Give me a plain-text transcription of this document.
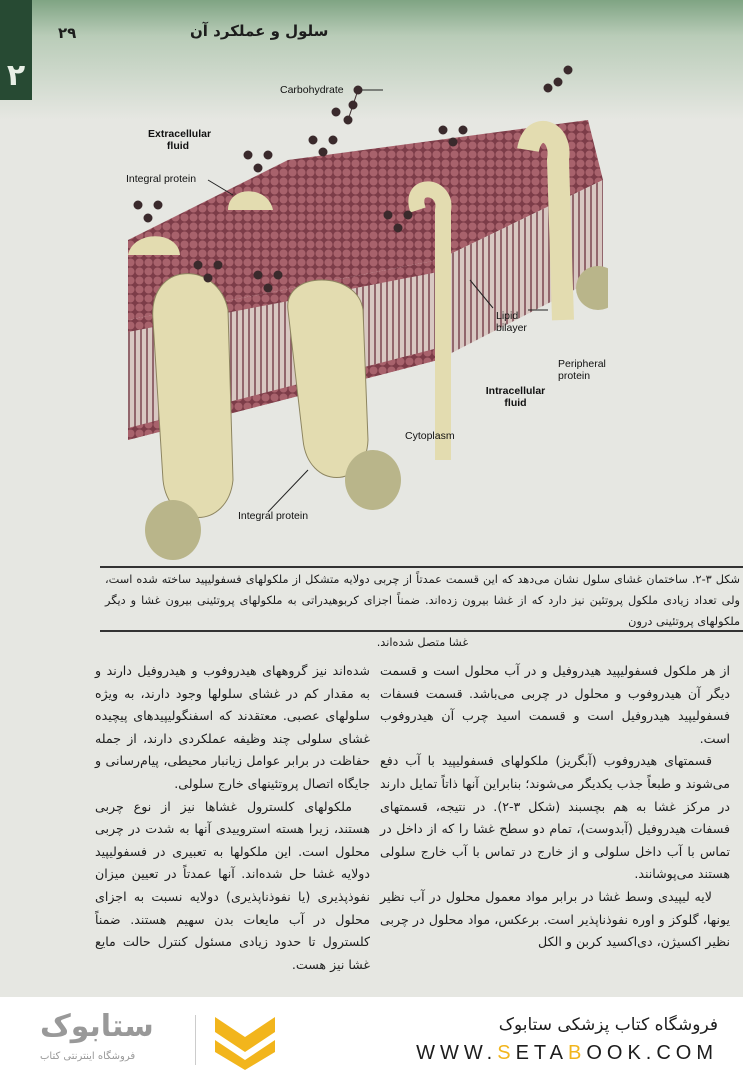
۲
۲۹	سلول و عملکرد آن
Carbohydrate
Extracellular fluid
Integral protein
Lipid bilayer
Peripheral protein
Intracellular fluid
Cytoplasm
Integral protein
شکل ۳-۲. ساختمان غشای سلول نشان می‌دهد که این قسمت عمدتاً از چربی دولایه متشکل از ملکولهای فسفولیپید ساخته شده است، ولی تعداد زیادی ملکول پروتئین نیز دارد که از غشا بیرون زده‌اند. ضمناً اجزای کربوهیدراتی به ملکولهای پروتئینی بیرون غشا و دیگر ملکولهای پروتئینی درون
غشا متصل شده‌اند.

از هر ملکول فسفولیپید هیدروفیل و در آب محلول است و قسمت دیگر آن هیدروفوب و محلول در چربی می‌باشد. قسمت فسفات فسفولیپید هیدروفیل است و قسمت اسید چرب آن هیدروفوب است.

قسمتهای هیدروفوب (آبگریز) ملکولهای فسفولیپید با آب دفع می‌شوند و طبعاً جذب یکدیگر می‌شوند؛ بنابراین آنها ذاتاً تمایل دارند در مرکز غشا به هم بچسبند (شکل ۳-۲). در نتیجه، قسمتهای فسفات هیدروفیل (آبدوست)، تمام دو سطح غشا را که از داخل در تماس با آب داخل سلولی و از خارج در تماس با آب خارج سلولی هستند می‌پوشانند.

لایه لیپیدی وسط غشا در برابر مواد معمول محلول در آب نظیر یونها، گلوکز و اوره نفوذناپذیر است. برعکس، مواد محلول در چربی نظیر اکسیژن، دی‌اکسید کربن و الکل

شده‌اند نیز گروههای هیدروفوب و هیدروفیل دارند و به مقدار کم در غشای سلولها وجود دارند، به ویژه سلولهای عصبی. معتقدند که اسفنگولیپیدهای پیچیده غشای سلولی چند وظیفه عملکردی دارند، از جمله حفاظت در برابر عوامل زیانبار محیطی، پیام‌رسانی و جایگاه اتصال پروتئینهای خارج سلولی.

ملکولهای کلسترول غشاها نیز از نوع چربی هستند، زیرا هسته استروییدی آنها به شدت در چربی محلول است. این ملکولها به تعبیری در فسفولیپید دولایه غشا حل شده‌اند. آنها عمدتاً در تعیین میزان نفوذپذیری (یا نفوذناپذیری) دولایه نسبت به اجزای محلول در آب مایعات بدن سهیم هستند. ضمناً کلسترول تا حدود زیادی مسئول کنترل حالت مایع غشا نیز هست.

ستابوک
فروشگاه اینترنتی کتاب
فروشگاه کتاب پزشکی ستابوک
WWW.SETABOOK.COM
